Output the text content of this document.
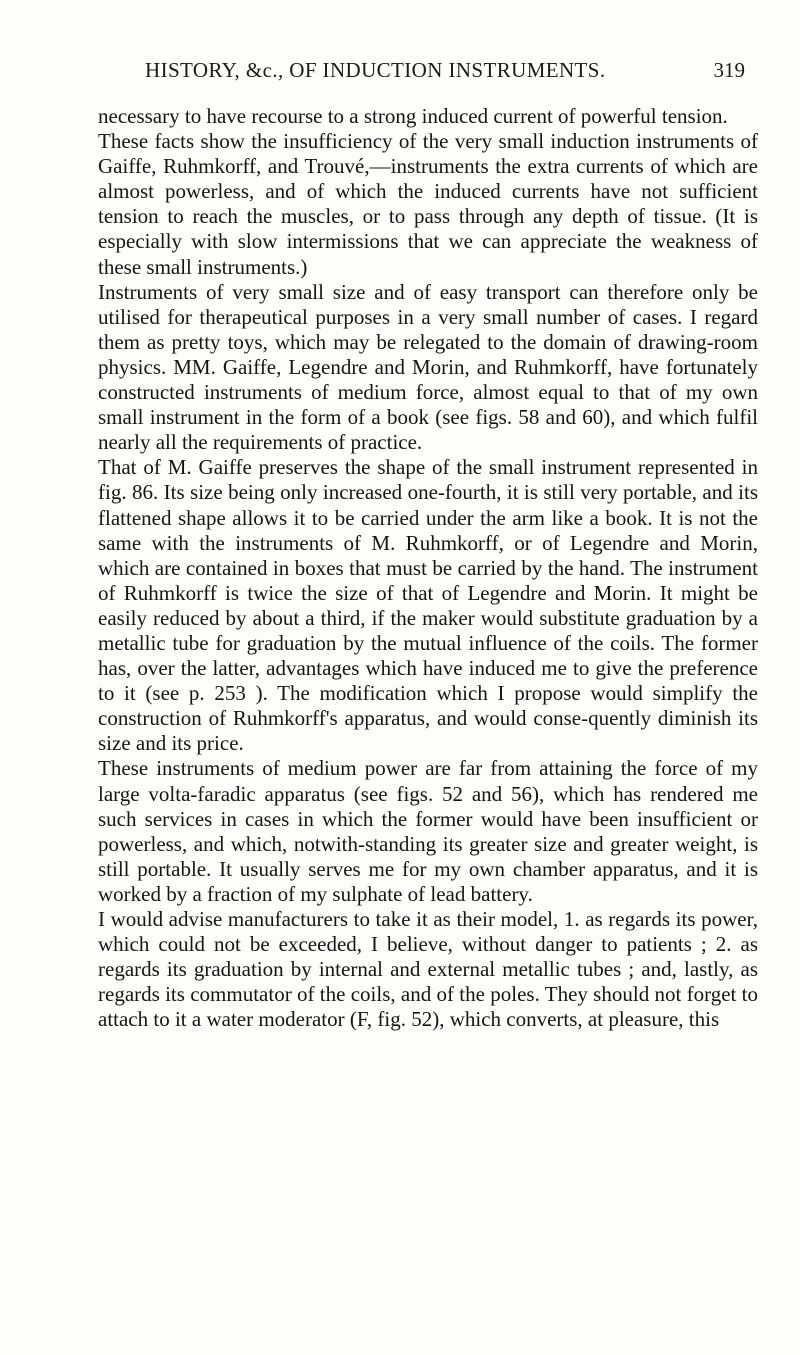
HISTORY, &c., OF INDUCTION INSTRUMENTS.	319

necessary to have recourse to a strong induced current of powerful tension.

These facts show the insufficiency of the very small induction instruments of Gaiffe, Ruhmkorff, and Trouvé,—instruments the extra currents of which are almost powerless, and of which the induced currents have not sufficient tension to reach the muscles, or to pass through any depth of tissue. (It is especially with slow intermissions that we can appreciate the weakness of these small instruments.)

Instruments of very small size and of easy transport can therefore only be utilised for therapeutical purposes in a very small number of cases. I regard them as pretty toys, which may be relegated to the domain of drawing-room physics. MM. Gaiffe, Legendre and Morin, and Ruhmkorff, have fortunately constructed instruments of medium force, almost equal to that of my own small instrument in the form of a book (see figs. 58 and 60), and which fulfil nearly all the requirements of practice.

That of M. Gaiffe preserves the shape of the small instrument represented in fig. 86. Its size being only increased one-fourth, it is still very portable, and its flattened shape allows it to be carried under the arm like a book. It is not the same with the instruments of M. Ruhmkorff, or of Legendre and Morin, which are contained in boxes that must be carried by the hand. The instrument of Ruhmkorff is twice the size of that of Legendre and Morin. It might be easily reduced by about a third, if the maker would substitute graduation by a metallic tube for graduation by the mutual influence of the coils. The former has, over the latter, advantages which have induced me to give the preference to it (see p. 253 ). The modification which I propose would simplify the construction of Ruhmkorff's apparatus, and would conse-quently diminish its size and its price.

These instruments of medium power are far from attaining the force of my large volta-faradic apparatus (see figs. 52 and 56), which has rendered me such services in cases in which the former would have been insufficient or powerless, and which, notwith-standing its greater size and greater weight, is still portable. It usually serves me for my own chamber apparatus, and it is worked by a fraction of my sulphate of lead battery.

I would advise manufacturers to take it as their model, 1. as regards its power, which could not be exceeded, I believe, without danger to patients ; 2. as regards its graduation by internal and external metallic tubes ; and, lastly, as regards its commutator of the coils, and of the poles. They should not forget to attach to it a water moderator (F, fig. 52), which converts, at pleasure, this
